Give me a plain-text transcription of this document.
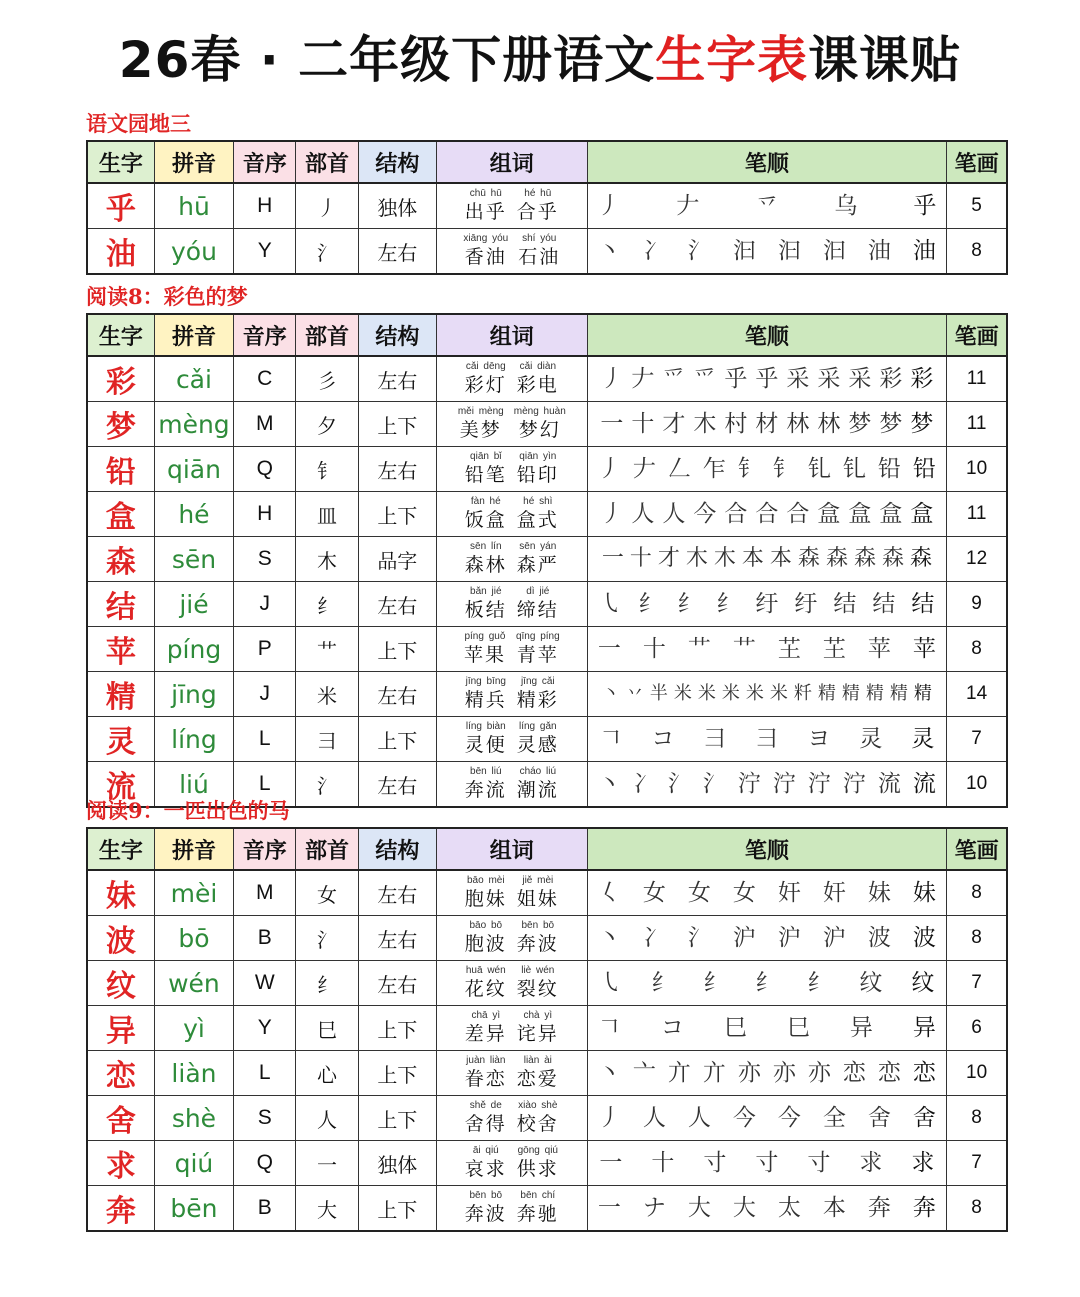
26春 · 二年级下册语文生字表课课贴
语文园地三
生字	拼音	音序	部首	结构	组词	笔顺	笔画
乎	hū	H	丿	独体	chū hū
出乎
hé hū
合乎	丿 𠂇 乊 乌 乎	5
油	yóu	Y	氵	左右	xiāng yóu
香油
shí yóu
石油	丶 冫 氵 汩 汩 汩 油 油	8
阅读8：彩色的梦
生字	拼音	音序	部首	结构	组词	笔顺	笔画
彩	cǎi	C	彡	左右	cǎi dēng
彩灯
cǎi diàn
彩电	丿 𠂇 爫 爫 乎 乎 采 采 采 彩 彩	11
梦	mèng	M	夕	上下	měi mèng
美梦
mèng huàn
梦幻	一 十 才 木 村 材 林 林 梦 梦 梦	11
铅	qiān	Q	钅	左右	qiān bǐ
铅笔
qiān yìn
铅印	丿 𠂇 𠃋 乍 钅 钅 钆 钆 铅 铅	10
盒	hé	H	皿	上下	fàn hé
饭盒
hé shì
盒式	丿 人 人 今 合 合 合 盒 盒 盒 盒	11
森	sēn	S	木	品字	sēn lín
森林
sēn yán
森严	一 十 才 木 木 本 本 森 森 森 森 森	12
结	jié	J	纟	左右	bǎn jié
板结
dì jié
缔结	㇂ 纟 纟 纟 纡 纡 结 结 结	9
苹	píng	P	艹	上下	píng guǒ
苹果
qīng píng
青苹	一 十 艹 艹 芏 芏 苹 苹	8
精	jīng	J	米	左右	jīng bīng
精兵
jīng cǎi
精彩	丶 丷 半 米 米 米 米 米 粁 精 精 精 精 精	14
灵	líng	L	彐	上下	líng biàn
灵便
líng gǎn
灵感	𠃍 コ 彐 彐 ヨ 灵 灵	7
流	liú	L	氵	左右	bēn liú
奔流
cháo liú
潮流	丶 冫 氵 氵 泞 泞 泞 泞 流 流	10
阅读9：一匹出色的马
生字	拼音	音序	部首	结构	组词	笔顺	笔画
妹	mèi	M	女	左右	bāo mèi
胞妹
jiě mèi
姐妹	𡿨 女 女 女 奸 奸 妹 妹	8
波	bō	B	氵	左右	bāo bō
胞波
bēn bō
奔波	丶 冫 氵 沪 沪 沪 波 波	8
纹	wén	W	纟	左右	huā wén
花纹
liè wén
裂纹	㇂ 纟 纟 纟 纟 纹 纹	7
异	yì	Y	巳	上下	chā yì
差异
chà yì
诧异	𠃍 コ 巳 巳 异 异	6
恋	liàn	L	心	上下	juàn liàn
眷恋
liàn ài
恋爱	丶 亠 亣 亣 亦 亦 亦 恋 恋 恋	10
舍	shè	S	人	上下	shě de
舍得
xiào shè
校舍	丿 人 人 今 今 全 舍 舍	8
求	qiú	Q	一	独体	āi qiú
哀求
gōng qiú
供求	一 十 寸 寸 寸 求 求	7
奔	bēn	B	大	上下	bēn bō
奔波
bēn chí
奔驰	一 ナ 大 大 太 本 奔 奔	8
